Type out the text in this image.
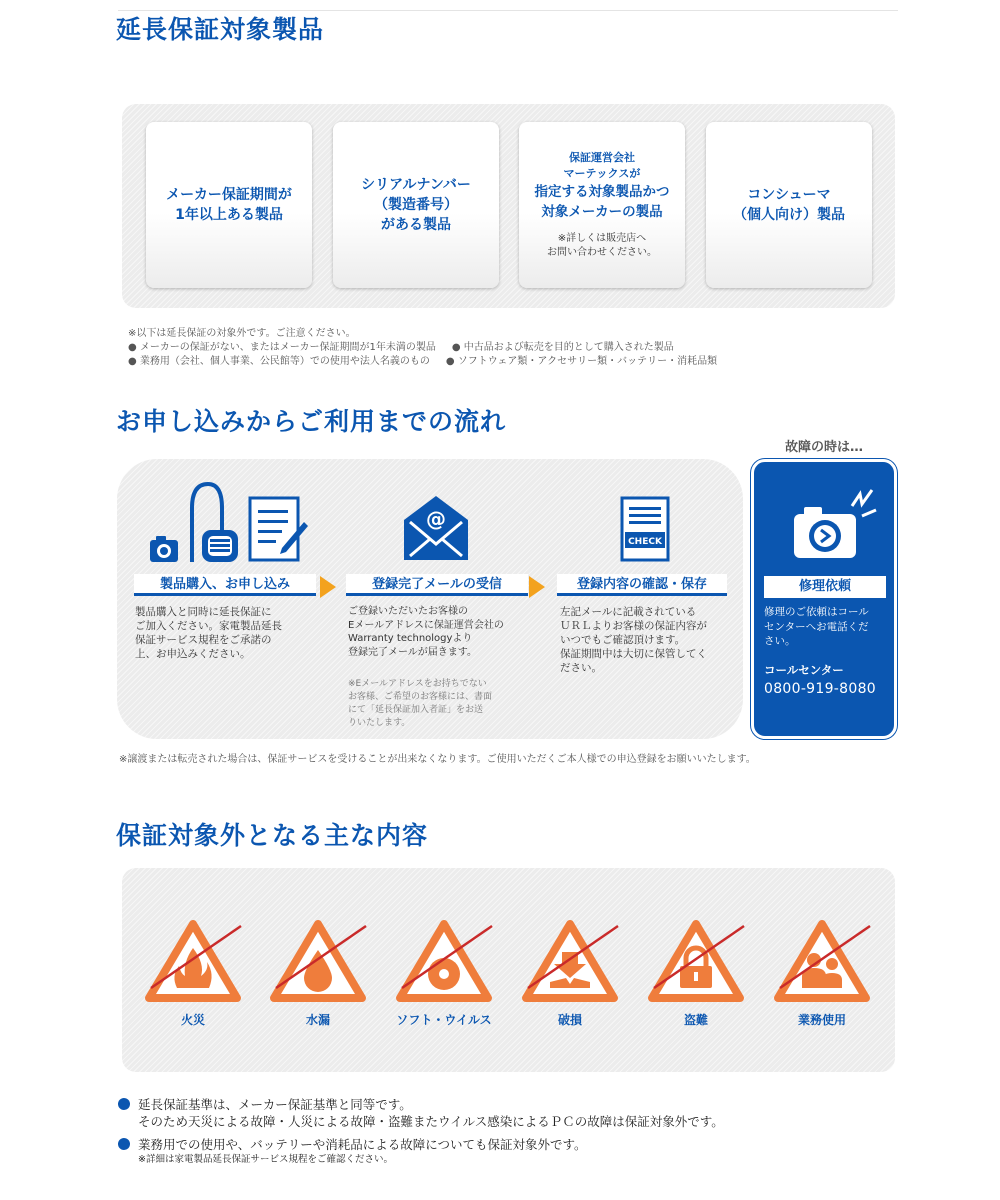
延長保証対象製品
メーカー保証期間が
1年以上ある製品
シリアルナンバー
（製造番号）
がある製品
保証運営会社
マーテックスが
指定する対象製品かつ
対象メーカーの製品
※詳しくは販売店へ
お問い合わせください。
コンシューマ
（個人向け）製品
※以下は延長保証の対象外です。ご注意ください。
● メーカーの保証がない、またはメーカー保証期間が1年未満の製品 ● 中古品および転売を目的として購入された製品
● 業務用（会社、個人事業、公民館等）での使用や法人名義のもの ● ソフトウェア類・アクセサリー類・バッテリー・消耗品類
お申し込みからご利用までの流れ
@
CHECK
製品購入、お申し込み	登録完了メールの受信	登録内容の確認・保存
製品購入と同時に延長保証に
ご加入ください。家電製品延長
保証サービス規程をご承諾の
上、お申込みください。
ご登録いただいたお客様の
Eメールアドレスに保証運営会社の
Warranty technologyより
登録完了メールが届きます。
※Eメールアドレスをお持ちでない
お客様、ご希望のお客様には、書面
にて「延長保証加入者証」をお送
りいたします。
左記メールに記載されている
ＵＲＬよりお客様の保証内容が
いつでもご確認頂けます。
保証期間中は大切に保管してく
ださい。
故障の時は…
修理依頼
修理のご依頼はコール
センターへお電話くだ
さい。
コールセンター
0800-919-8080
※譲渡または転売された場合は、保証サービスを受けることが出来なくなります。ご使用いただくご本人様での申込登録をお願いいたします。
保証対象外となる主な内容
火災	水漏	ソフト・ウイルス	破損	盗難	業務使用
延長保証基準は、メーカー保証基準と同等です。
そのため天災による故障・人災による故障・盗難またウイルス感染によるＰＣの故障は保証対象外です。
業務用での使用や、バッテリーや消耗品による故障についても保証対象外です。
※詳細は家電製品延長保証サービス規程をご確認ください。
